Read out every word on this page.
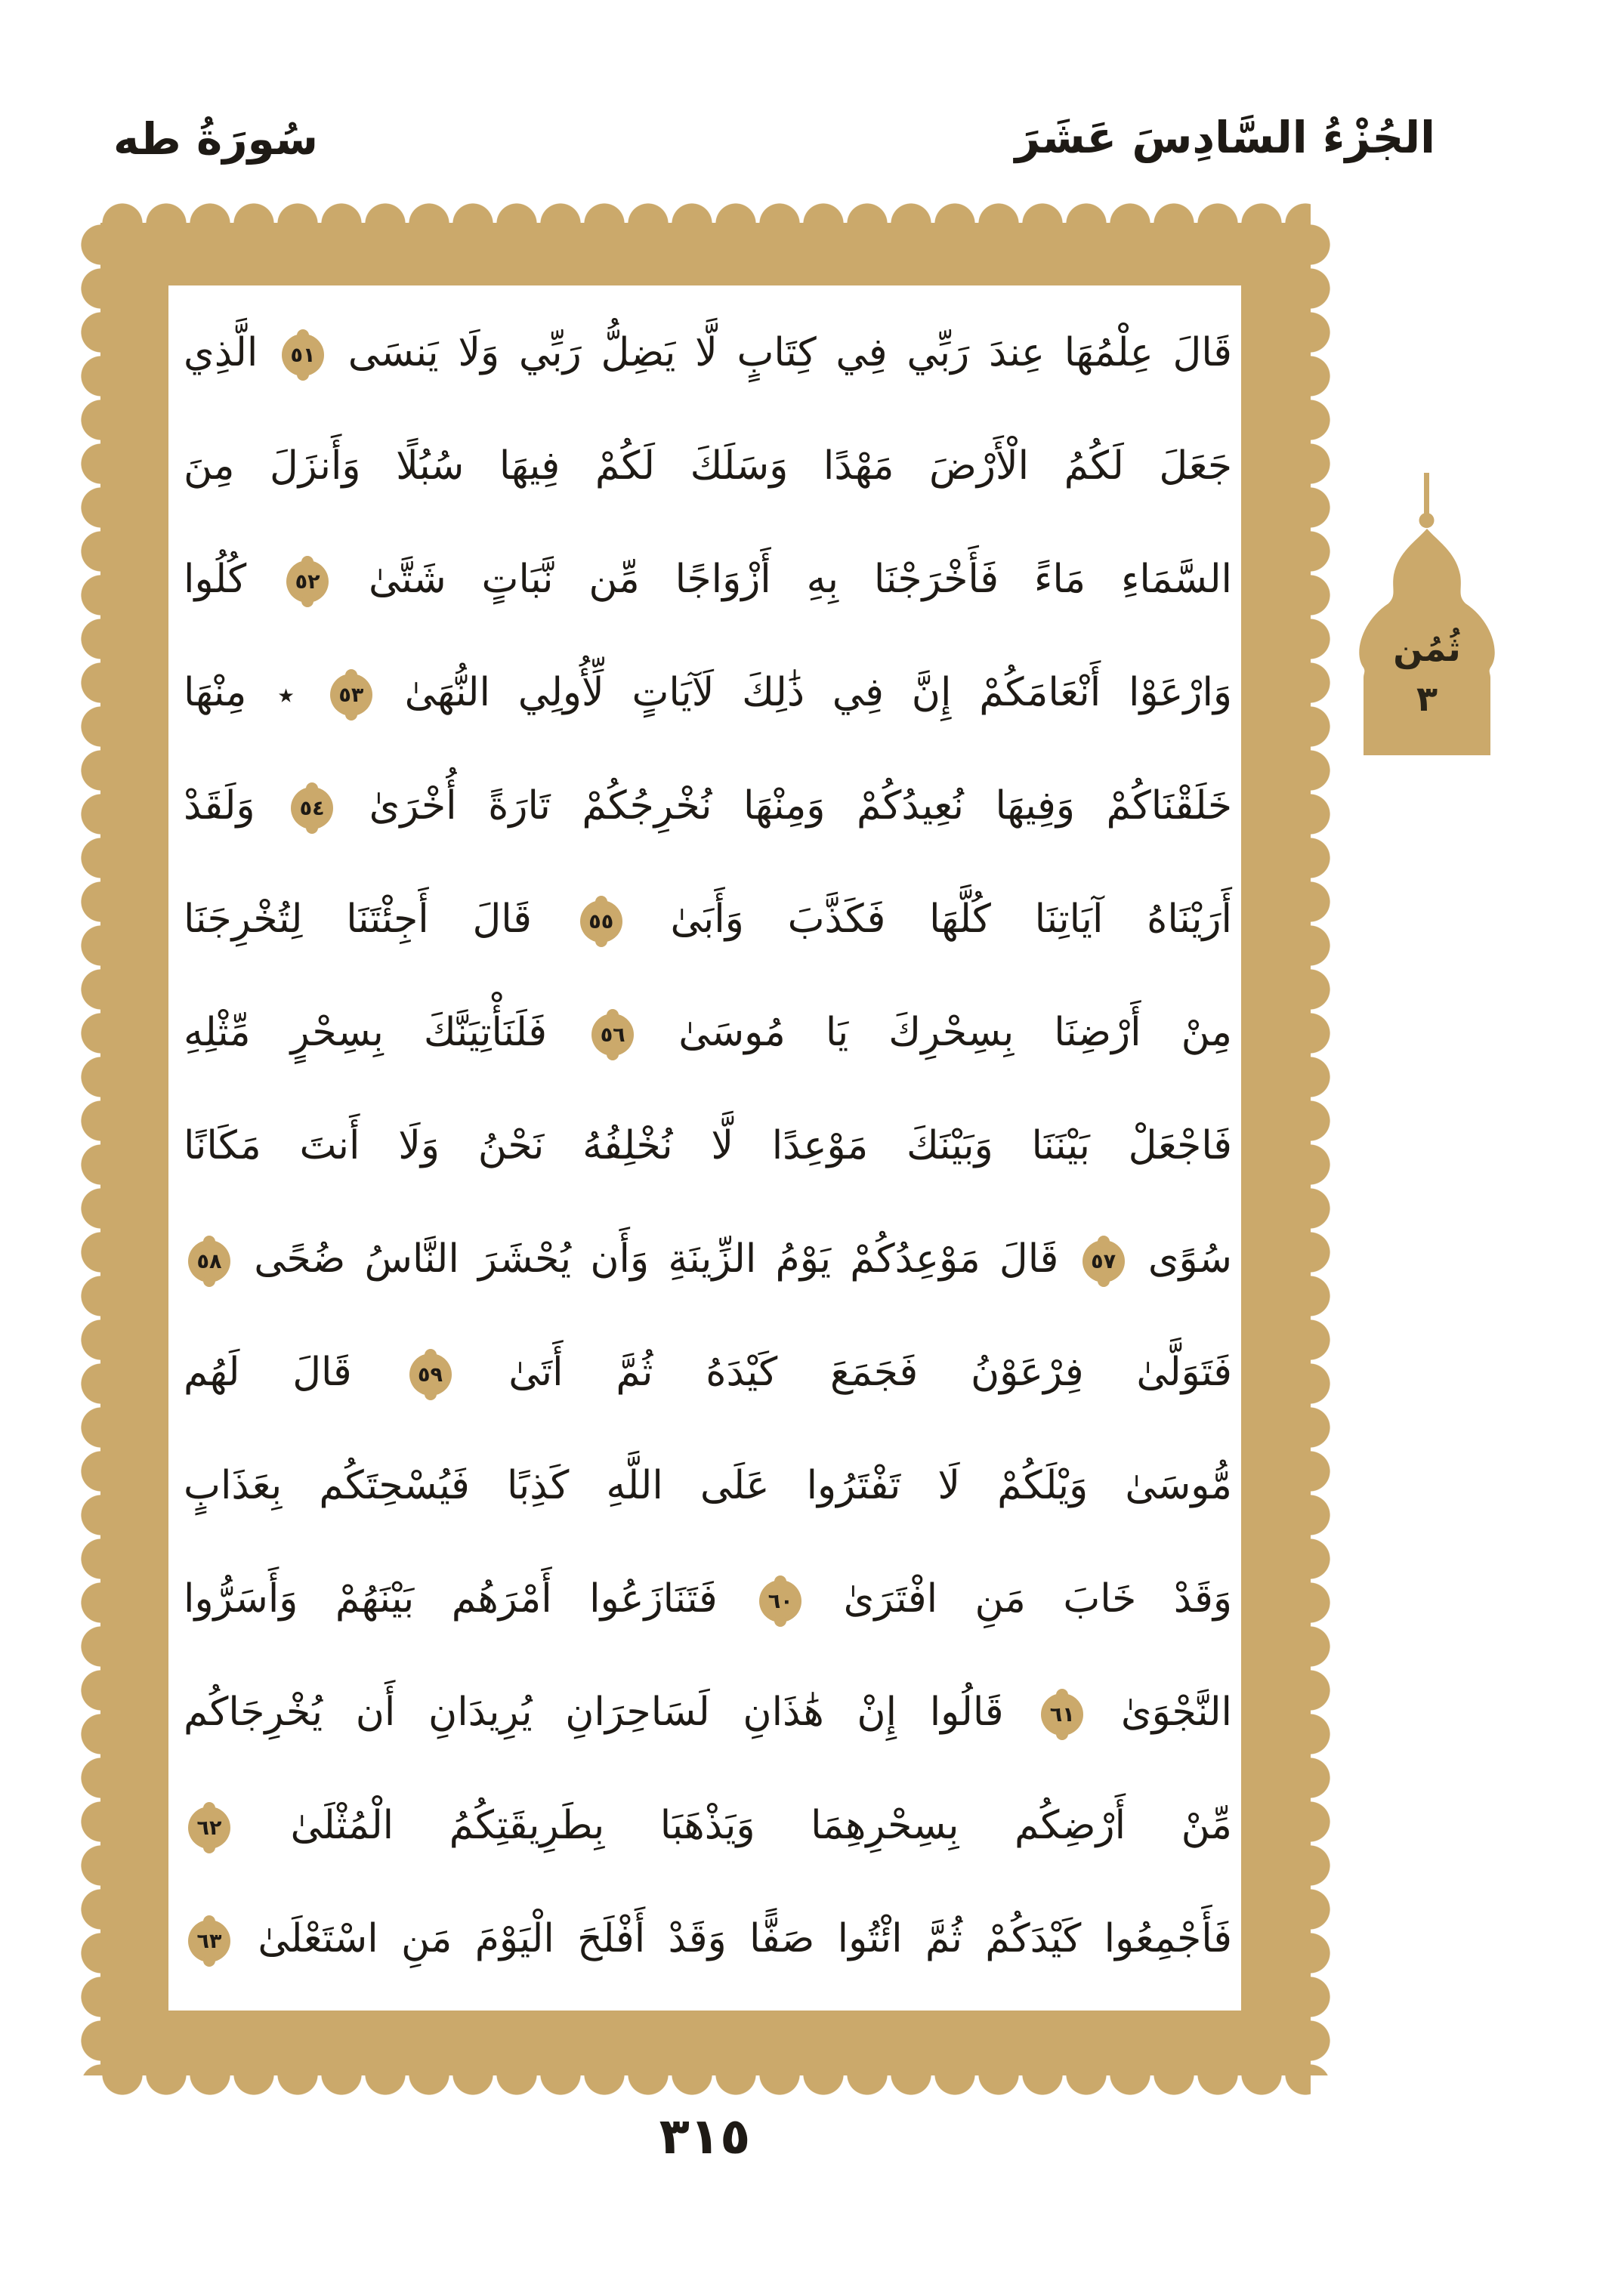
سُورَةُ طه	الجُزْءُ السَّادِسَ عَشَرَ
قَالَ عِلْمُهَا عِندَ رَبِّي فِي كِتَابٍ لَّا يَضِلُّ رَبِّي وَلَا يَنسَى
٥١
الَّذِي
جَعَلَ لَكُمُ الْأَرْضَ مَهْدًا وَسَلَكَ لَكُمْ فِيهَا سُبُلًا وَأَنزَلَ مِنَ
السَّمَاءِ مَاءً فَأَخْرَجْنَا بِهِ أَزْوَاجًا مِّن نَّبَاتٍ شَتَّىٰ
٥٢
كُلُوا
وَارْعَوْا أَنْعَامَكُمْ إِنَّ فِي ذَٰلِكَ لَآيَاتٍ لِّأُولِي النُّهَىٰ
٥٣
٭ مِنْهَا
خَلَقْنَاكُمْ وَفِيهَا نُعِيدُكُمْ وَمِنْهَا نُخْرِجُكُمْ تَارَةً أُخْرَىٰ
٥٤
وَلَقَدْ
أَرَيْنَاهُ آيَاتِنَا كُلَّهَا فَكَذَّبَ وَأَبَىٰ
٥٥
قَالَ أَجِئْتَنَا لِتُخْرِجَنَا
مِنْ أَرْضِنَا بِسِحْرِكَ يَا مُوسَىٰ
٥٦
فَلَنَأْتِيَنَّكَ بِسِحْرٍ مِّثْلِهِ
فَاجْعَلْ بَيْنَنَا وَبَيْنَكَ مَوْعِدًا لَّا نُخْلِفُهُ نَحْنُ وَلَا أَنتَ مَكَانًا
سُوًى
٥٧
قَالَ مَوْعِدُكُمْ يَوْمُ الزِّينَةِ وَأَن يُحْشَرَ النَّاسُ ضُحًى
٥٨
فَتَوَلَّىٰ فِرْعَوْنُ فَجَمَعَ كَيْدَهُ ثُمَّ أَتَىٰ
٥٩
قَالَ لَهُم
مُّوسَىٰ وَيْلَكُمْ لَا تَفْتَرُوا عَلَى اللَّهِ كَذِبًا فَيُسْحِتَكُم بِعَذَابٍ
وَقَدْ خَابَ مَنِ افْتَرَىٰ
٦٠
فَتَنَازَعُوا أَمْرَهُم بَيْنَهُمْ وَأَسَرُّوا
النَّجْوَىٰ
٦١
قَالُوا إِنْ هَٰذَانِ لَسَاحِرَانِ يُرِيدَانِ أَن يُخْرِجَاكُم
مِّنْ أَرْضِكُم بِسِحْرِهِمَا وَيَذْهَبَا بِطَرِيقَتِكُمُ الْمُثْلَىٰ
٦٢
فَأَجْمِعُوا كَيْدَكُمْ ثُمَّ ائْتُوا صَفًّا وَقَدْ أَفْلَحَ الْيَوْمَ مَنِ اسْتَعْلَىٰ
٦٣
ثُمُن
٣
٣١٥
